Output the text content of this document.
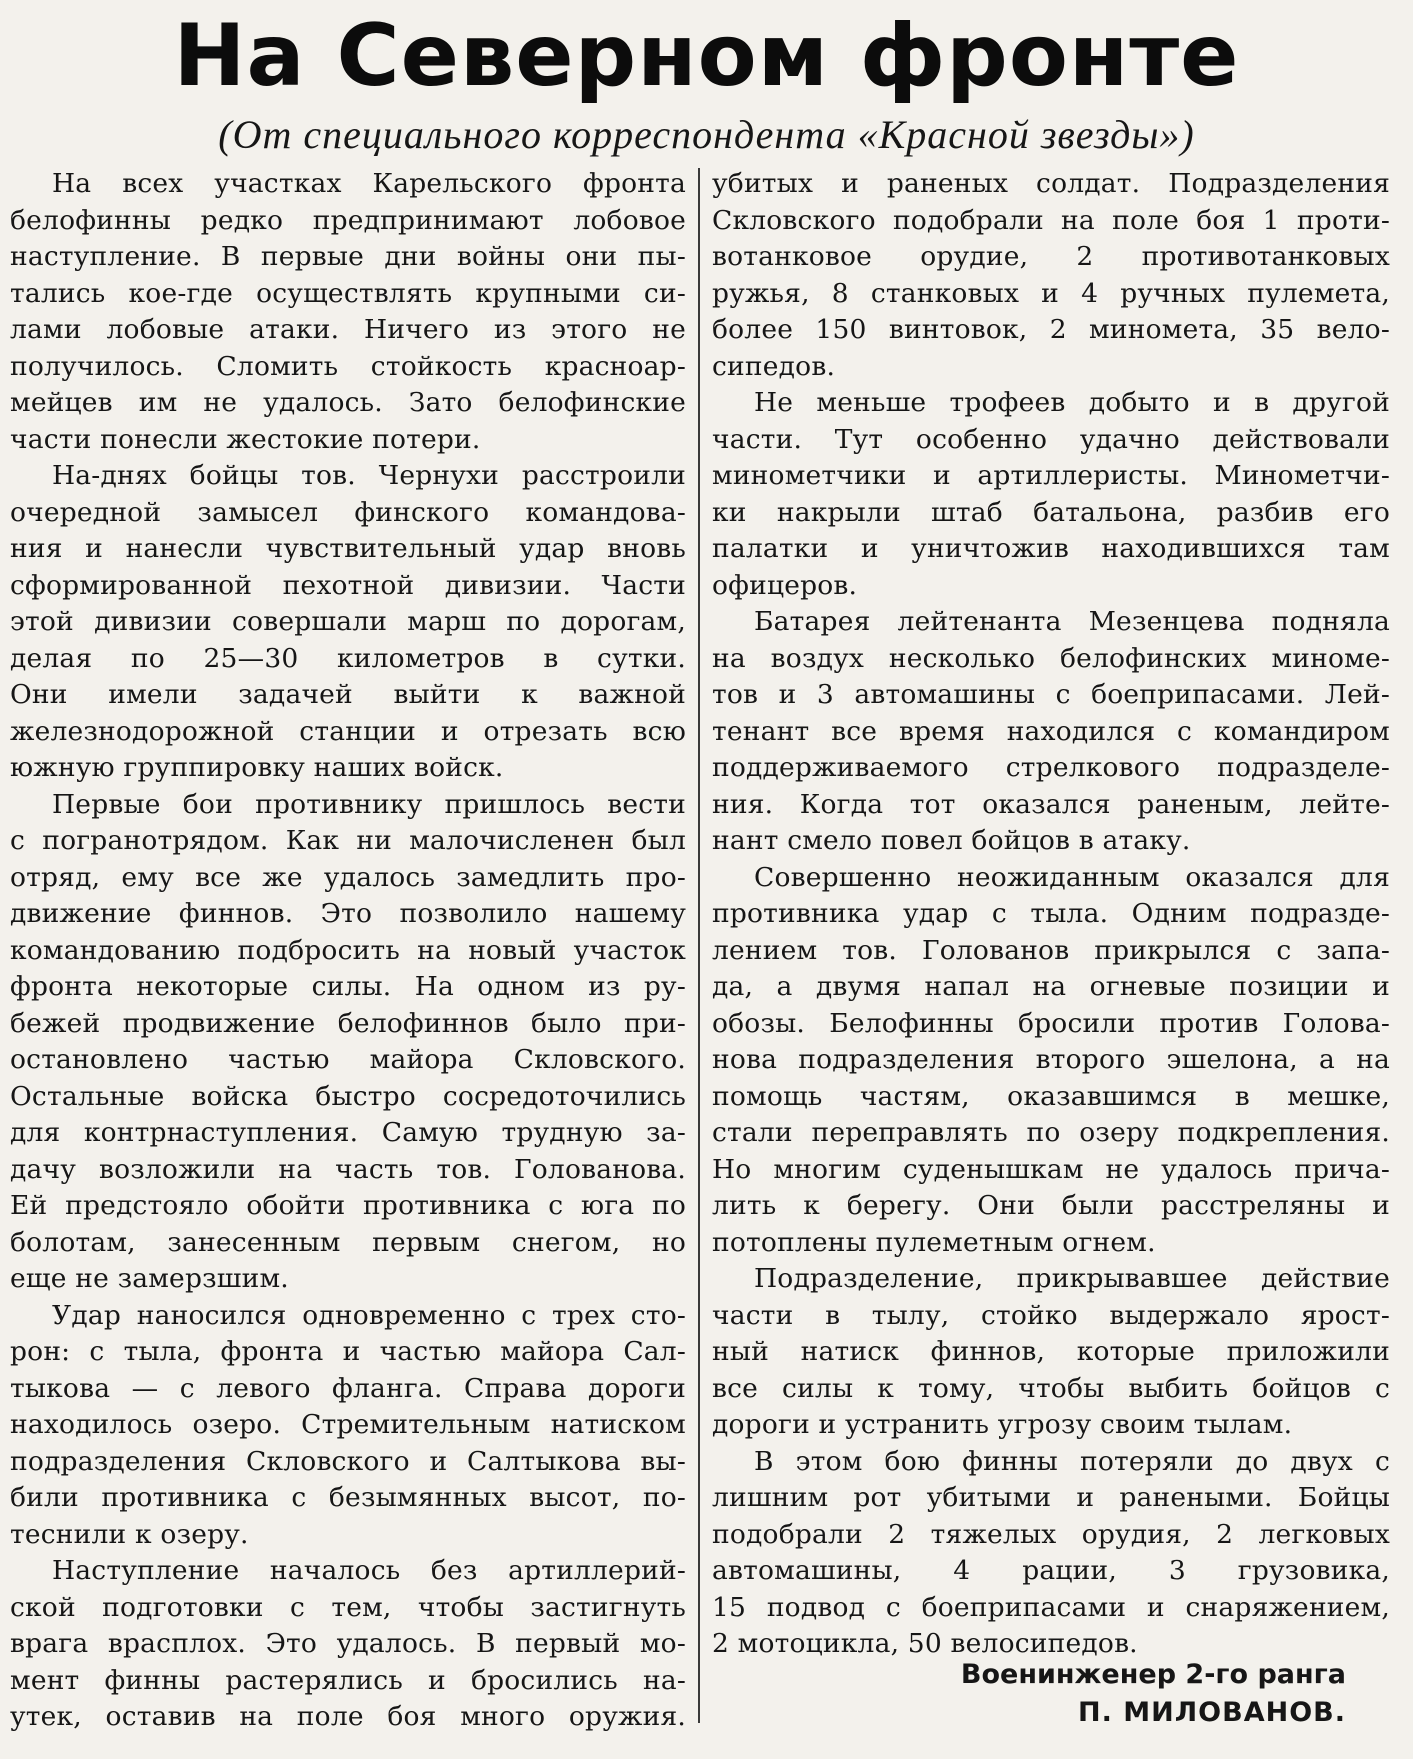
На Северном фронте
(От специального корреспондента «Красной звезды»)
На всех участках Карельского фронта
белофинны редко предпринимают лобовое
наступление. В первые дни войны они пы-
тались кое-где осуществлять крупными си-
лами лобовые атаки. Ничего из этого не
получилось. Сломить стойкость красноар-
мейцев им не удалось. Зато белофинские
части понесли жестокие потери.
На-днях бойцы тов. Чернухи расстроили
очередной замысел финского командова-
ния и нанесли чувствительный удар вновь
сформированной пехотной дивизии. Части
этой дивизии совершали марш по дорогам,
делая по 25—30 километров в сутки.
Они имели задачей выйти к важной
железнодорожной станции и отрезать всю
южную группировку наших войск.
Первые бои противнику пришлось вести
с погранотрядом. Как ни малочисленен был
отряд, ему все же удалось замедлить про-
движение финнов. Это позволило нашему
командованию подбросить на новый участок
фронта некоторые силы. На одном из ру-
бежей продвижение белофиннов было при-
остановлено частью майора Скловского.
Остальные войска быстро сосредоточились
для контрнаступления. Самую трудную за-
дачу возложили на часть тов. Голованова.
Ей предстояло обойти противника с юга по
болотам, занесенным первым снегом, но
еще не замерзшим.
Удар наносился одновременно с трех сто-
рон: с тыла, фронта и частью майора Сал-
тыкова — с левого фланга. Справа дороги
находилось озеро. Стремительным натиском
подразделения Скловского и Салтыкова вы-
били противника с безымянных высот, по-
теснили к озеру.
Наступление началось без артиллерий-
ской подготовки с тем, чтобы застигнуть
врага врасплох. Это удалось. В первый мо-
мент финны растерялись и бросились на-
утек, оставив на поле боя много оружия.
убитых и раненых солдат. Подразделения
Скловского подобрали на поле боя 1 проти-
вотанковое орудие, 2 противотанковых
ружья, 8 станковых и 4 ручных пулемета,
более 150 винтовок, 2 миномета, 35 вело-
сипедов.
Не меньше трофеев добыто и в другой
части. Тут особенно удачно действовали
минометчики и артиллеристы. Минометчи-
ки накрыли штаб батальона, разбив его
палатки и уничтожив находившихся там
офицеров.
Батарея лейтенанта Мезенцева подняла
на воздух несколько белофинских миноме-
тов и 3 автомашины с боеприпасами. Лей-
тенант все время находился с командиром
поддерживаемого стрелкового подразделе-
ния. Когда тот оказался раненым, лейте-
нант смело повел бойцов в атаку.
Совершенно неожиданным оказался для
противника удар с тыла. Одним подразде-
лением тов. Голованов прикрылся с запа-
да, а двумя напал на огневые позиции и
обозы. Белофинны бросили против Голова-
нова подразделения второго эшелона, а на
помощь частям, оказавшимся в мешке,
стали переправлять по озеру подкрепления.
Но многим суденышкам не удалось прича-
лить к берегу. Они были расстреляны и
потоплены пулеметным огнем.
Подразделение, прикрывавшее действие
части в тылу, стойко выдержало ярост-
ный натиск финнов, которые приложили
все силы к тому, чтобы выбить бойцов с
дороги и устранить угрозу своим тылам.
В этом бою финны потеряли до двух с
лишним рот убитыми и ранеными. Бойцы
подобрали 2 тяжелых орудия, 2 легковых
автомашины, 4 рации, 3 грузовика,
15 подвод с боеприпасами и снаряжением,
2 мотоцикла, 50 велосипедов.
Военинженер 2-го ранга
П. МИЛОВАНОВ.
